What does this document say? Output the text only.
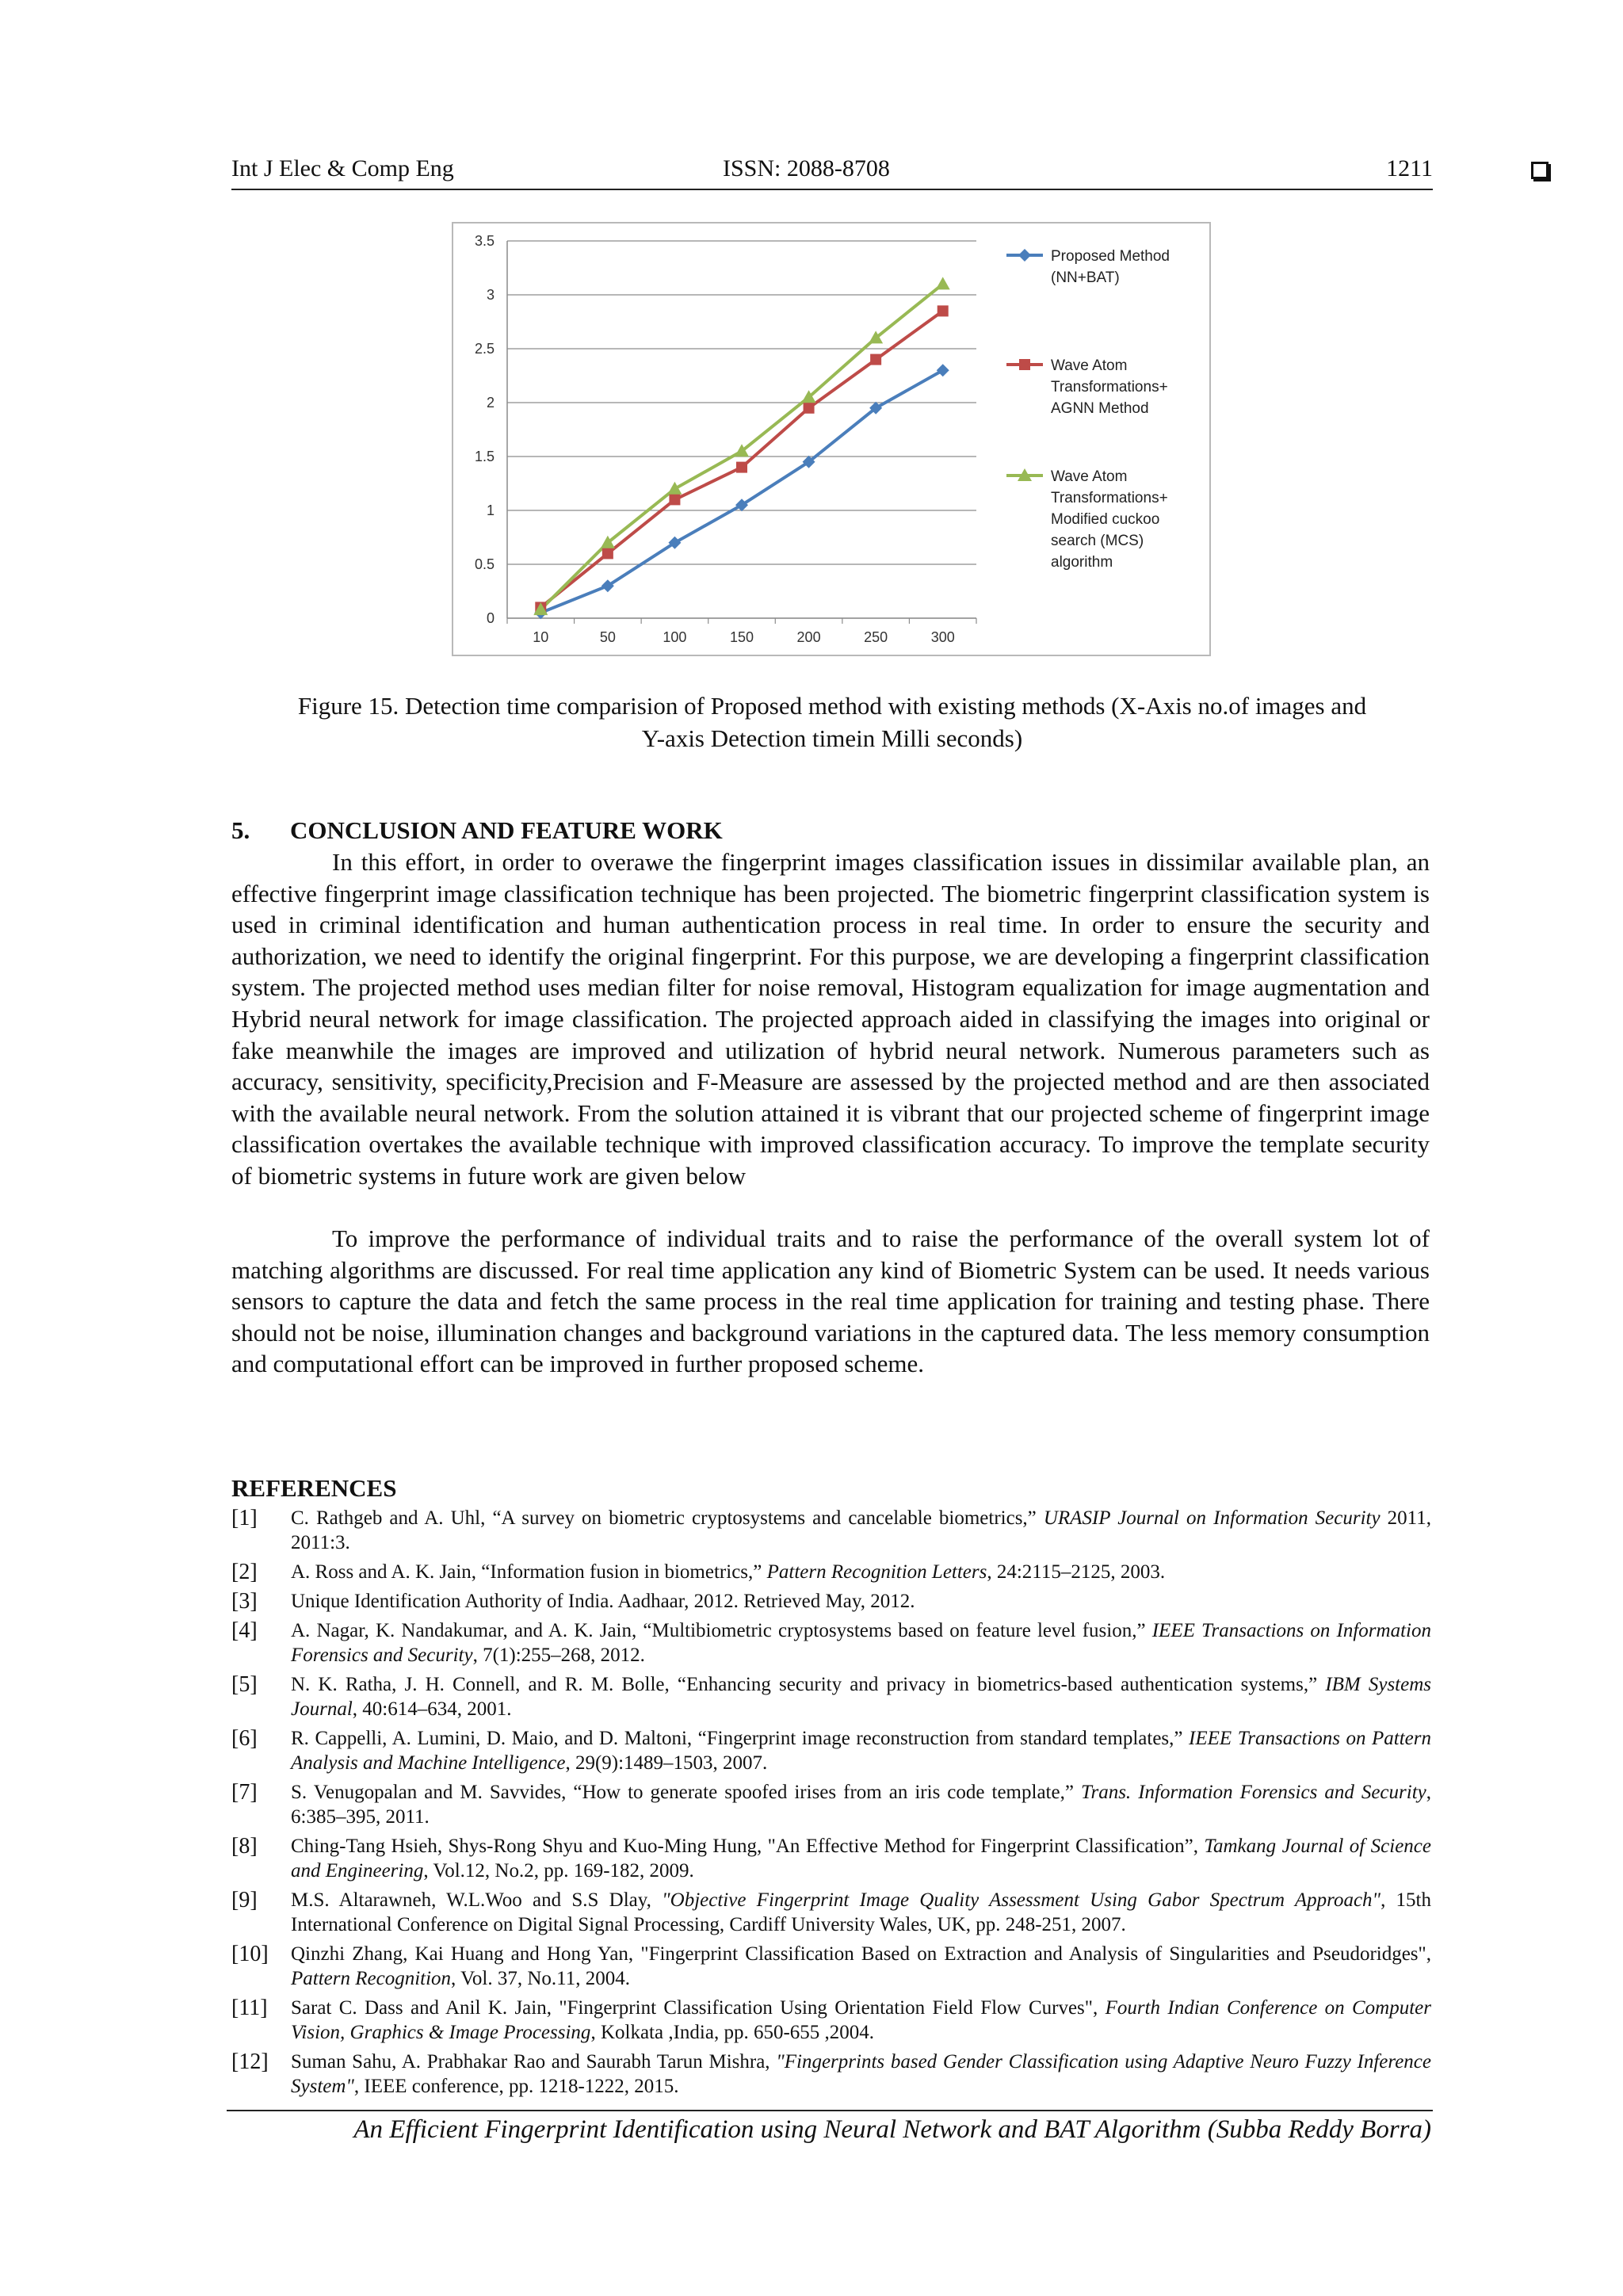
Int J Elec & Comp Eng	ISSN: 2088-8708	1211
0
0.5
1
1.5
2
2.5
3
3.5
10	50	100	150	200	250	300
Proposed Method
(NN+BAT)
Wave Atom
Transformations+
AGNN Method
Wave Atom
Transformations+
Modified cuckoo
search (MCS)
algorithm
Figure 15. Detection time comparision of Proposed method with existing methods (X-Axis no.of images and
Y-axis Detection timein Milli seconds)
5. CONCLUSION AND FEATURE WORK

In this effort, in order to overawe the fingerprint images classification issues in dissimilar available plan, an effective fingerprint image classification technique has been projected. The biometric fingerprint classification system is used in criminal identification and human authentication process in real time. In order to ensure the security and authorization, we need to identify the original fingerprint. For this purpose, we are developing a fingerprint classification system. The projected method uses median filter for noise removal, Histogram equalization for image augmentation and Hybrid neural network for image classification. The projected approach aided in classifying the images into original or fake meanwhile the images are improved and utilization of hybrid neural network. Numerous parameters such as accuracy, sensitivity, specificity,Precision and F-Measure are assessed by the projected method and are then associated with the available neural network. From the solution attained it is vibrant that our projected scheme of fingerprint image classification overtakes the available technique with improved classification accuracy. To improve the template security of biometric systems in future work are given below

To improve the performance of individual traits and to raise the performance of the overall system lot of matching algorithms are discussed. For real time application any kind of Biometric System can be used. It needs various sensors to capture the data and fetch the same process in the real time application for training and testing phase. There should not be noise, illumination changes and background variations in the captured data. The less memory consumption and computational effort can be improved in further proposed scheme.

REFERENCES
[1] C. Rathgeb and A. Uhl, “A survey on biometric cryptosystems and cancelable biometrics,” URASIP Journal on Information Security 2011, 2011:3.
[2] A. Ross and A. K. Jain, “Information fusion in biometrics,” Pattern Recognition Letters, 24:2115–2125, 2003.
[3] Unique Identification Authority of India. Aadhaar, 2012. Retrieved May, 2012.
[4] A. Nagar, K. Nandakumar, and A. K. Jain, “Multibiometric cryptosystems based on feature level fusion,” IEEE Transactions on Information Forensics and Security, 7(1):255–268, 2012.
[5] N. K. Ratha, J. H. Connell, and R. M. Bolle, “Enhancing security and privacy in biometrics-based authentication systems,” IBM Systems Journal, 40:614–634, 2001.
[6] R. Cappelli, A. Lumini, D. Maio, and D. Maltoni, “Fingerprint image reconstruction from standard templates,” IEEE Transactions on Pattern Analysis and Machine Intelligence, 29(9):1489–1503, 2007.
[7] S. Venugopalan and M. Savvides, “How to generate spoofed irises from an iris code template,” Trans. Information Forensics and Security, 6:385–395, 2011.
[8] Ching-Tang Hsieh, Shys-Rong Shyu and Kuo-Ming Hung, "An Effective Method for Fingerprint Classification”, Tamkang Journal of Science and Engineering, Vol.12, No.2, pp. 169-182, 2009.
[9] M.S. Altarawneh, W.L.Woo and S.S Dlay, "Objective Fingerprint Image Quality Assessment Using Gabor Spectrum Approach", 15th International Conference on Digital Signal Processing, Cardiff University Wales, UK, pp. 248-251, 2007.
[10] Qinzhi Zhang, Kai Huang and Hong Yan, "Fingerprint Classification Based on Extraction and Analysis of Singularities and Pseudoridges", Pattern Recognition, Vol. 37, No.11, 2004.
[11] Sarat C. Dass and Anil K. Jain, "Fingerprint Classification Using Orientation Field Flow Curves", Fourth Indian Conference on Computer Vision, Graphics & Image Processing, Kolkata ,India, pp. 650-655 ,2004.
[12] Suman Sahu, A. Prabhakar Rao and Saurabh Tarun Mishra, "Fingerprints based Gender Classification using Adaptive Neuro Fuzzy Inference System", IEEE conference, pp. 1218-1222, 2015.
An Efficient Fingerprint Identification using Neural Network and BAT Algorithm (Subba Reddy Borra)
